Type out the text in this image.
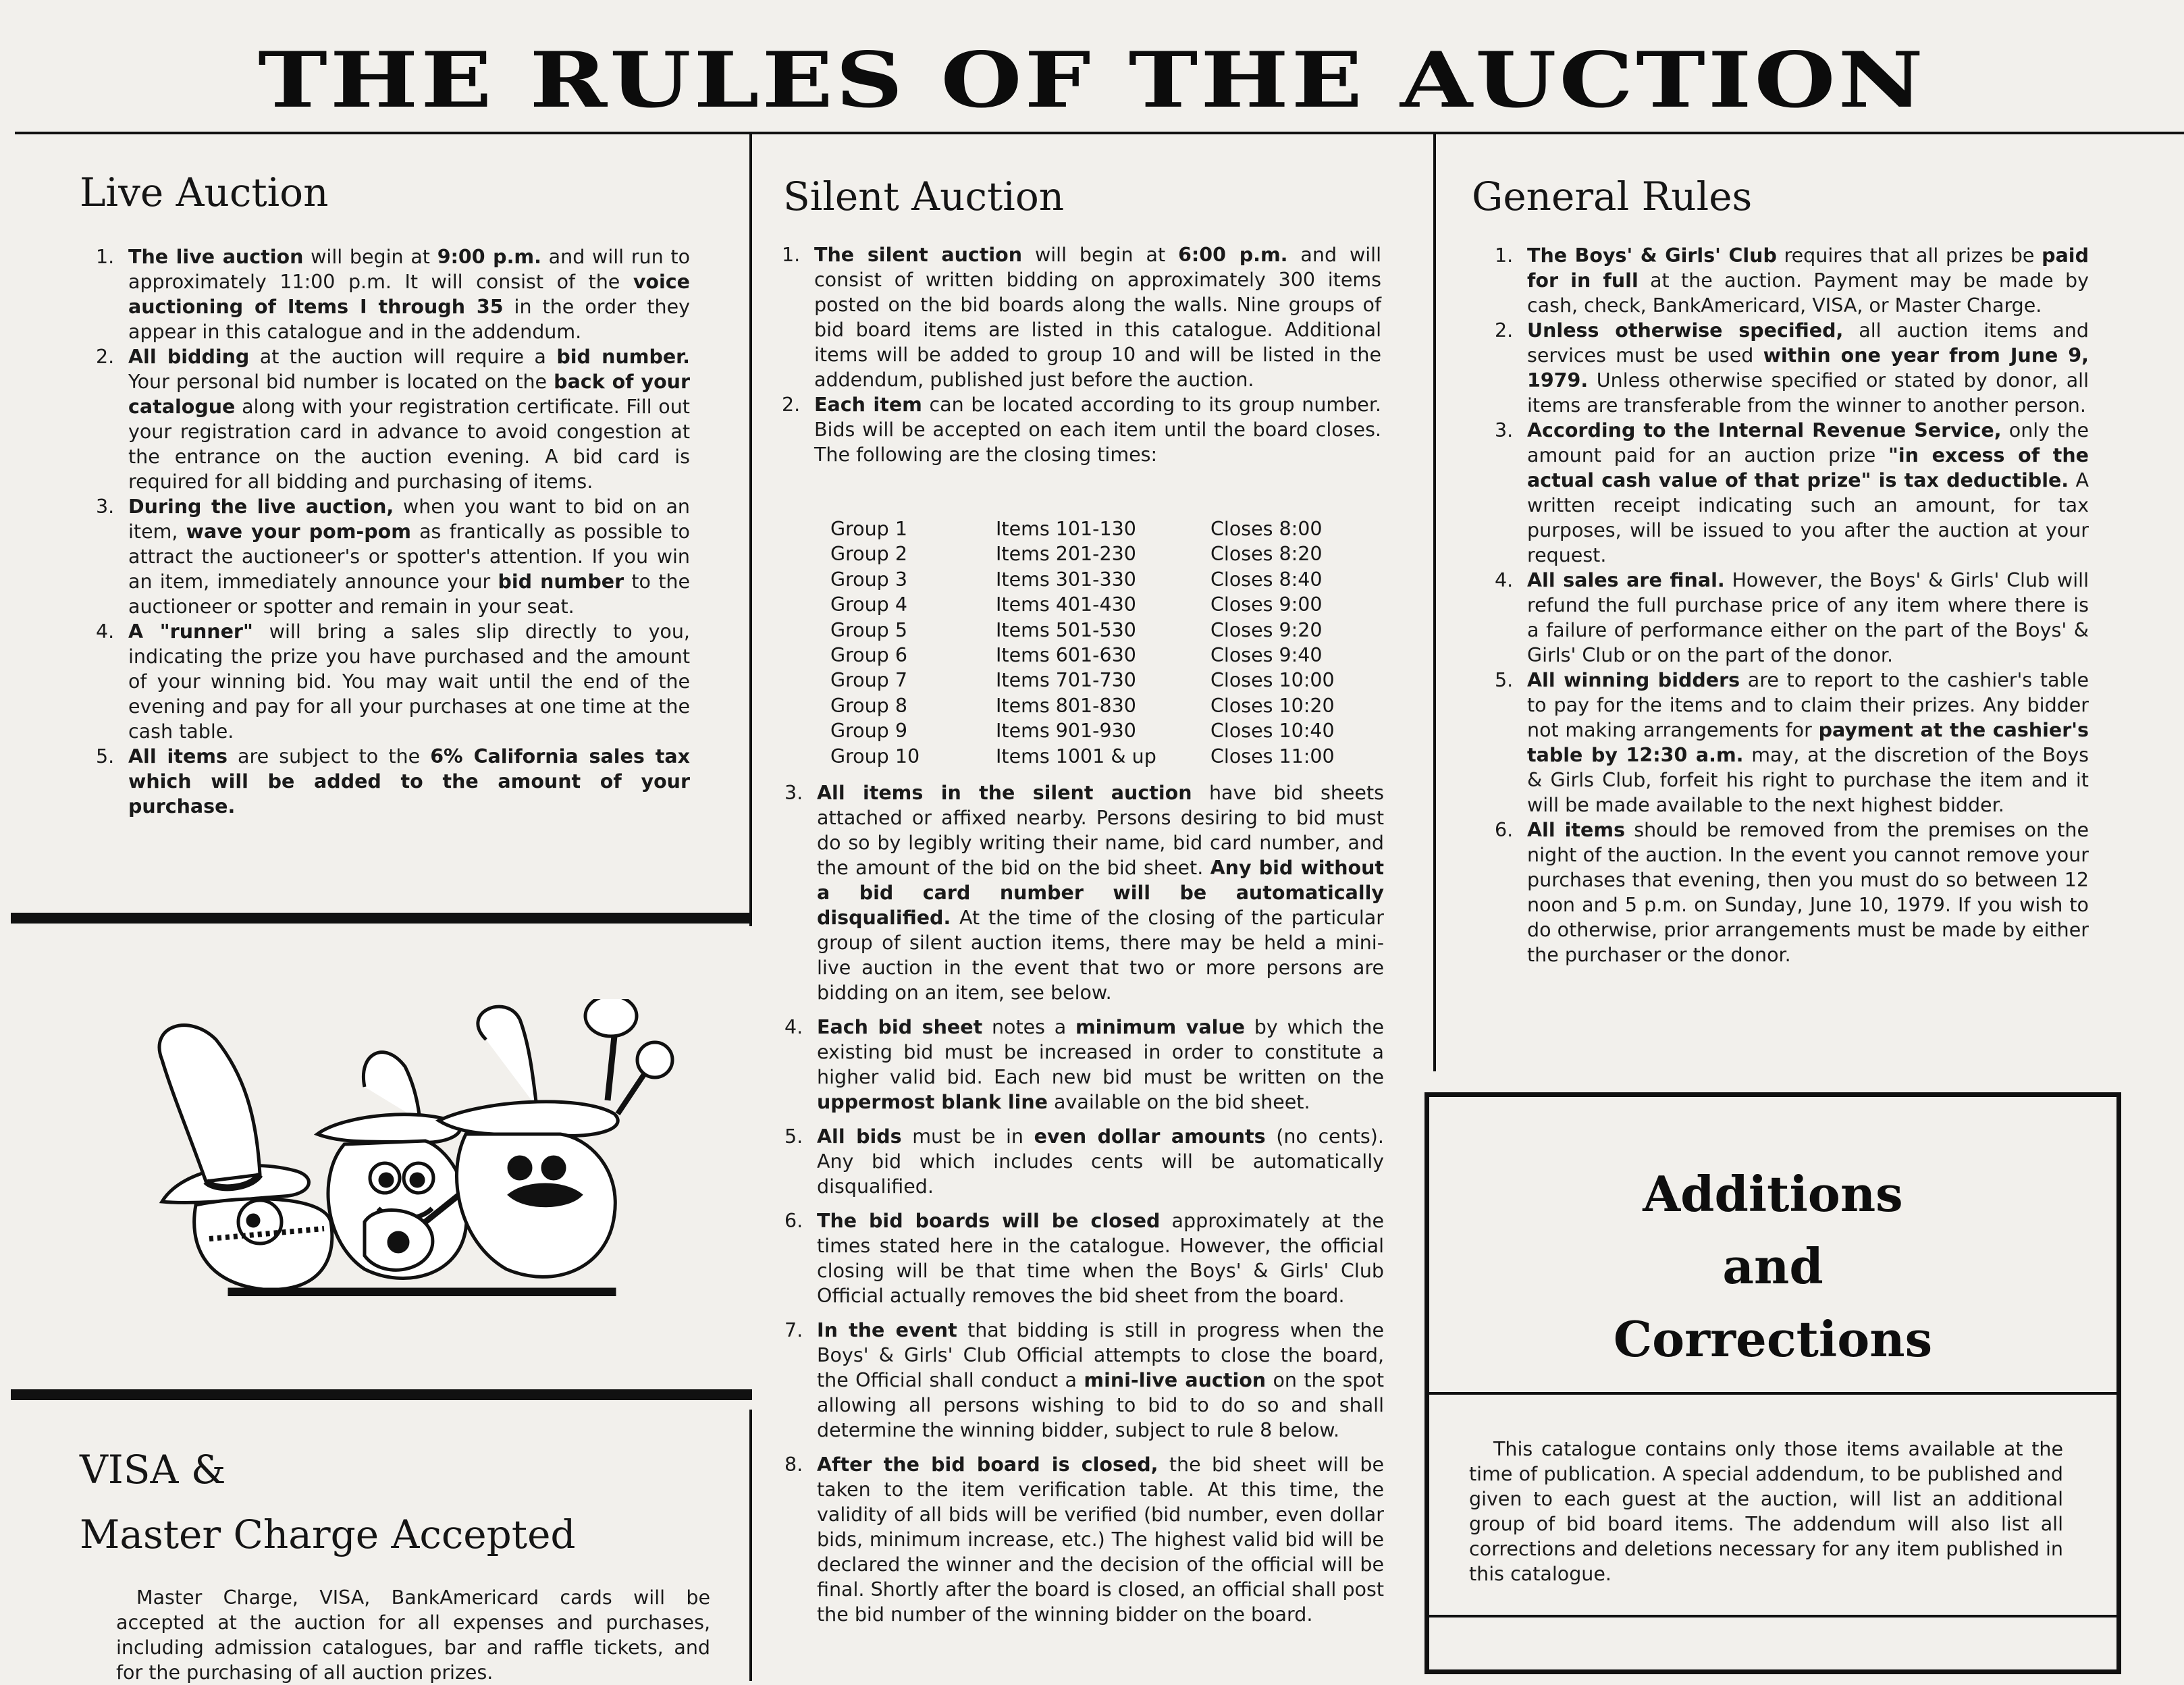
THE RULES OF THE AUCTION
Live Auction
1. The live auction will begin at 9:00 p.m. and will run to approximately 11:00 p.m. It will consist of the voice auctioning of Items I through 35 in the order they appear in this catalogue and in the addendum.
2. All bidding at the auction will require a bid number. Your personal bid number is located on the back of your catalogue along with your registration certificate. Fill out your registration card in advance to avoid congestion at the entrance on the auction evening. A bid card is required for all bidding and purchasing of items.
3. During the live auction, when you want to bid on an item, wave your pom-pom as frantically as possible to attract the auctioneer's or spotter's attention. If you win an item, immediately announce your bid number to the auctioneer or spotter and remain in your seat.
4. A "runner" will bring a sales slip directly to you, indicating the prize you have purchased and the amount of your winning bid. You may wait until the end of the evening and pay for all your purchases at one time at the cash table.
5. All items are subject to the 6% California sales tax which will be added to the amount of your purchase.
VISA &
Master Charge Accepted
Master Charge, VISA, BankAmericard cards will be accepted at the auction for all expenses and purchases, including admission catalogues, bar and raffle tickets, and for the purchasing of all auction prizes.
Silent Auction
1. The silent auction will begin at 6:00 p.m. and will consist of written bidding on approximately 300 items posted on the bid boards along the walls. Nine groups of bid board items are listed in this catalogue. Additional items will be added to group 10 and will be listed in the addendum, published just before the auction.
2. Each item can be located according to its group number. Bids will be accepted on each item until the board closes. The following are the closing times:
Group 1	Items 101-130	Closes 8:00
Group 2	Items 201-230	Closes 8:20
Group 3	Items 301-330	Closes 8:40
Group 4	Items 401-430	Closes 9:00
Group 5	Items 501-530	Closes 9:20
Group 6	Items 601-630	Closes 9:40
Group 7	Items 701-730	Closes 10:00
Group 8	Items 801-830	Closes 10:20
Group 9	Items 901-930	Closes 10:40
Group 10	Items 1001 & up	Closes 11:00
3. All items in the silent auction have bid sheets attached or affixed nearby. Persons desiring to bid must do so by legibly writing their name, bid card number, and the amount of the bid on the bid sheet. Any bid without a bid card number will be automatically disqualified. At the time of the closing of the particular group of silent auction items, there may be held a mini-live auction in the event that two or more persons are bidding on an item, see below.
4. Each bid sheet notes a minimum value by which the existing bid must be increased in order to constitute a higher valid bid. Each new bid must be written on the uppermost blank line available on the bid sheet.
5. All bids must be in even dollar amounts (no cents). Any bid which includes cents will be automatically disqualified.
6. The bid boards will be closed approximately at the times stated here in the catalogue. However, the official closing will be that time when the Boys' & Girls' Club Official actually removes the bid sheet from the board.
7. In the event that bidding is still in progress when the Boys' & Girls' Club Official attempts to close the board, the Official shall conduct a mini-live auction on the spot allowing all persons wishing to bid to do so and shall determine the winning bidder, subject to rule 8 below.
8. After the bid board is closed, the bid sheet will be taken to the item verification table. At this time, the validity of all bids will be verified (bid number, even dollar bids, minimum increase, etc.) The highest valid bid will be declared the winner and the decision of the official will be final. Shortly after the board is closed, an official shall post the bid number of the winning bidder on the board.
General Rules
1. The Boys' & Girls' Club requires that all prizes be paid for in full at the auction. Payment may be made by cash, check, BankAmericard, VISA, or Master Charge.
2. Unless otherwise specified, all auction items and services must be used within one year from June 9, 1979. Unless otherwise specified or stated by donor, all items are transferable from the winner to another person.
3. According to the Internal Revenue Service, only the amount paid for an auction prize "in excess of the actual cash value of that prize" is tax deductible. A written receipt indicating such an amount, for tax purposes, will be issued to you after the auction at your request.
4. All sales are final. However, the Boys' & Girls' Club will refund the full purchase price of any item where there is a failure of performance either on the part of the Boys' & Girls' Club or on the part of the donor.
5. All winning bidders are to report to the cashier's table to pay for the items and to claim their prizes. Any bidder not making arrangements for payment at the cashier's table by 12:30 a.m. may, at the discretion of the Boys & Girls Club, forfeit his right to purchase the item and it will be made available to the next highest bidder.
6. All items should be removed from the premises on the night of the auction. In the event you cannot remove your purchases that evening, then you must do so between 12 noon and 5 p.m. on Sunday, June 10, 1979. If you wish to do otherwise, prior arrangements must be made by either the purchaser or the donor.
Additions
and
Corrections
This catalogue contains only those items available at the time of publication. A special addendum, to be published and given to each guest at the auction, will list an additional group of bid board items. The addendum will also list all corrections and deletions necessary for any item published in this catalogue.
